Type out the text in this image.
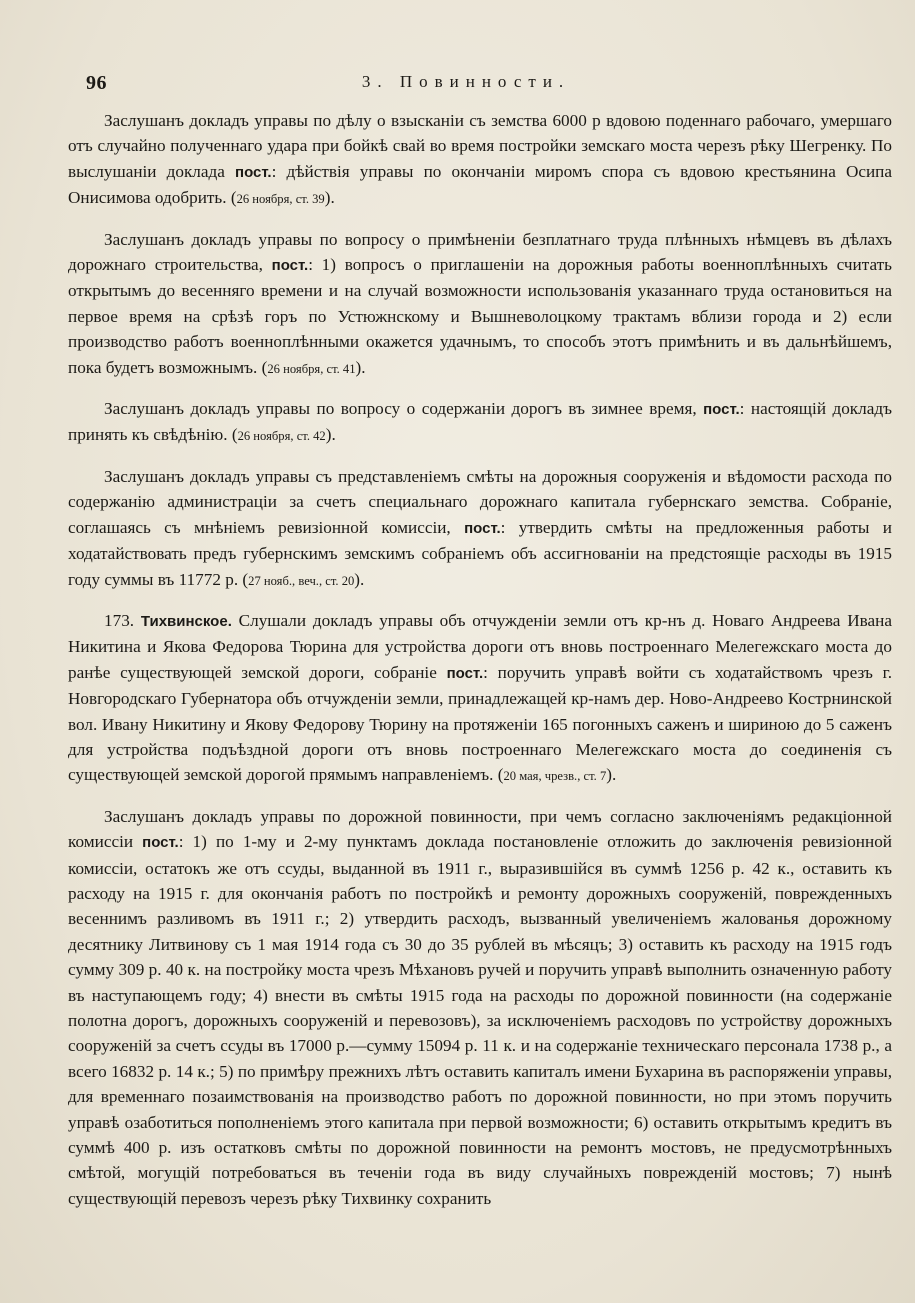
96	3. Повинности.

Заслушанъ докладъ управы по дѣлу о взысканіи съ земства 6000 р вдовою поденнаго рабочаго, умершаго отъ случайно полученнаго удара при бойкѣ свай во время постройки земскаго моста черезъ рѣку Шегренку. По выслушаніи доклада пост.: дѣйствія управы по окончаніи миромъ спора съ вдовою крестьянина Осипа Онисимова одобрить. (26 ноября, ст. 39).

Заслушанъ докладъ управы по вопросу о примѣненіи безплатнаго труда плѣнныхъ нѣмцевъ въ дѣлахъ дорожнаго строительства, пост.: 1) вопросъ о приглашеніи на дорожныя работы военноплѣнныхъ считать открытымъ до весенняго времени и на случай возможности использованія указаннаго труда остановиться на первое время на срѣзѣ горъ по Устюжнскому и Вышневолоцкому трактамъ вблизи города и 2) если производство работъ военноплѣнными окажется удачнымъ, то способъ этотъ примѣнить и въ дальнѣйшемъ, пока будетъ возможнымъ. (26 ноября, ст. 41).

Заслушанъ докладъ управы по вопросу о содержаніи дорогъ въ зимнее время, пост.: настоящій докладъ принять къ свѣдѣнію. (26 ноября, ст. 42).

Заслушанъ докладъ управы съ представленіемъ смѣты на дорожныя сооруженія и вѣдомости расхода по содержанію администраціи за счетъ специальнаго дорожнаго капитала губернскаго земства. Собраніе, соглашаясь съ мнѣніемъ ревизіонной комиссіи, пост.: утвердить смѣты на предложенныя работы и ходатайствовать предъ губернскимъ земскимъ собраніемъ объ ассигнованіи на предстоящіе расходы въ 1915 году суммы въ 11772 р. (27 нояб., веч., ст. 20).

173. Тихвинское. Слушали докладъ управы объ отчужденіи земли отъ кр-нъ д. Новаго Андреева Ивана Никитина и Якова Федорова Тюрина для устройства дороги отъ вновь построеннаго Мелегежскаго моста до ранѣе существующей земской дороги, собраніе пост.: поручить управѣ войти съ ходатайствомъ чрезъ г. Новгородскаго Губернатора объ отчужденіи земли, принадлежащей кр-намъ дер. Ново-Андреево Кострнинской вол. Ивану Никитину и Якову Федорову Тюрину на протяженіи 165 погонныхъ саженъ и шириною до 5 саженъ для устройства подъѣздной дороги отъ вновь построеннаго Мелегежскаго моста до соединенія съ существующей земской дорогой прямымъ направленіемъ. (20 мая, чрезв., ст. 7).

Заслушанъ докладъ управы по дорожной повинности, при чемъ согласно заключеніямъ редакціонной комиссіи пост.: 1) по 1-му и 2-му пунктамъ доклада постановленіе отложить до заключенія ревизіонной комиссіи, остатокъ же отъ ссуды, выданной въ 1911 г., выразившійся въ суммѣ 1256 р. 42 к., оставить къ расходу на 1915 г. для окончанія работъ по постройкѣ и ремонту дорожныхъ сооруженій, поврежденныхъ весеннимъ разливомъ въ 1911 г.; 2) утвердить расходъ, вызванный увеличеніемъ жалованья дорожному десятнику Литвинову съ 1 мая 1914 года съ 30 до 35 рублей въ мѣсяцъ; 3) оставить къ расходу на 1915 годъ сумму 309 р. 40 к. на постройку моста чрезъ Мѣхановъ ручей и поручить управѣ выполнить означенную работу въ наступающемъ году; 4) внести въ смѣты 1915 года на расходы по дорожной повинности (на содержаніе полотна дорогъ, дорожныхъ сооруженій и перевозовъ), за исключеніемъ расходовъ по устройству дорожныхъ сооруженій за счетъ ссуды въ 17000 р.—сумму 15094 р. 11 к. и на содержаніе техническаго персонала 1738 р., а всего 16832 р. 14 к.; 5) по примѣру прежнихъ лѣтъ оставить капиталъ имени Бухарина въ распоряженіи управы, для временнаго позаимствованія на производство работъ по дорожной повинности, но при этомъ поручить управѣ озаботиться пополненіемъ этого капитала при первой возможности; 6) оставить открытымъ кредитъ въ суммѣ 400 р. изъ остатковъ смѣты по дорожной повинности на ремонтъ мостовъ, не предусмотрѣнныхъ смѣтой, могущій потребоваться въ теченіи года въ виду случайныхъ поврежденій мостовъ; 7) нынѣ существующій перевозъ черезъ рѣку Тихвинку сохранить
